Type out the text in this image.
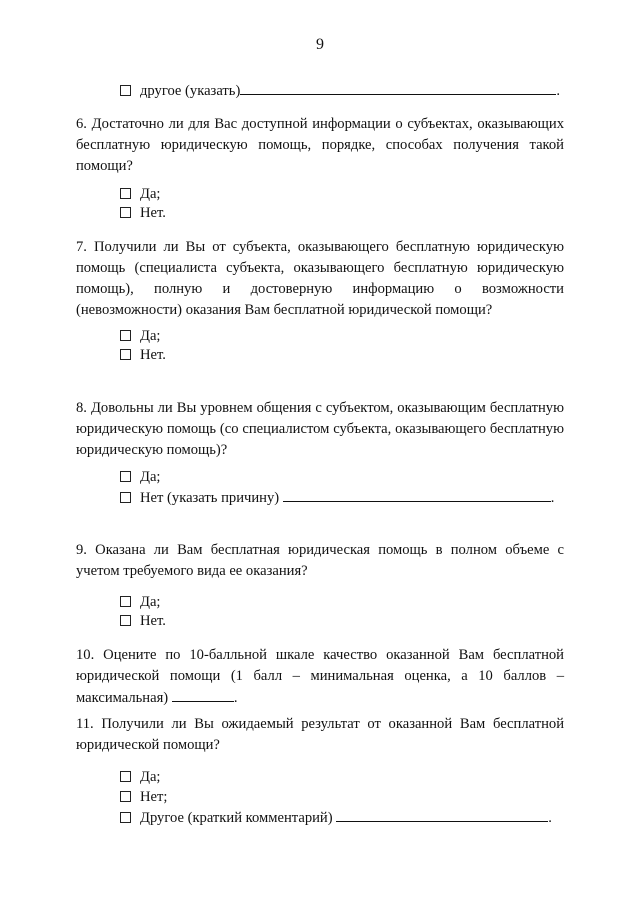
9
другое (указать)	.
6. Достаточно ли для Вас доступной информации о субъектах, оказывающих бесплатную юридическую помощь, порядке, способах получения такой помощи?
Да;
Нет.
7. Получили ли Вы от субъекта, оказывающего бесплатную юридическую помощь (специалиста субъекта, оказывающего бесплатную юридическую помощь), полную и достоверную информацию о возможности (невозможности) оказания Вам бесплатной юридической помощи?
Да;
Нет.
8. Довольны ли Вы уровнем общения с субъектом, оказывающим бесплатную юридическую помощь (со специалистом субъекта, оказывающего бесплатную юридическую помощь)?
Да;
Нет (указать причину)	.
9. Оказана ли Вам бесплатная юридическая помощь в полном объеме с учетом требуемого вида ее оказания?
Да;
Нет.
10. Оцените по 10-балльной шкале качество оказанной Вам бесплатной юридической помощи (1 балл – минимальная оценка, а 10 баллов – максимальная)	.
11. Получили ли Вы ожидаемый результат от оказанной Вам бесплатной юридической помощи?
Да;
Нет;
Другое (краткий комментарий)	.
